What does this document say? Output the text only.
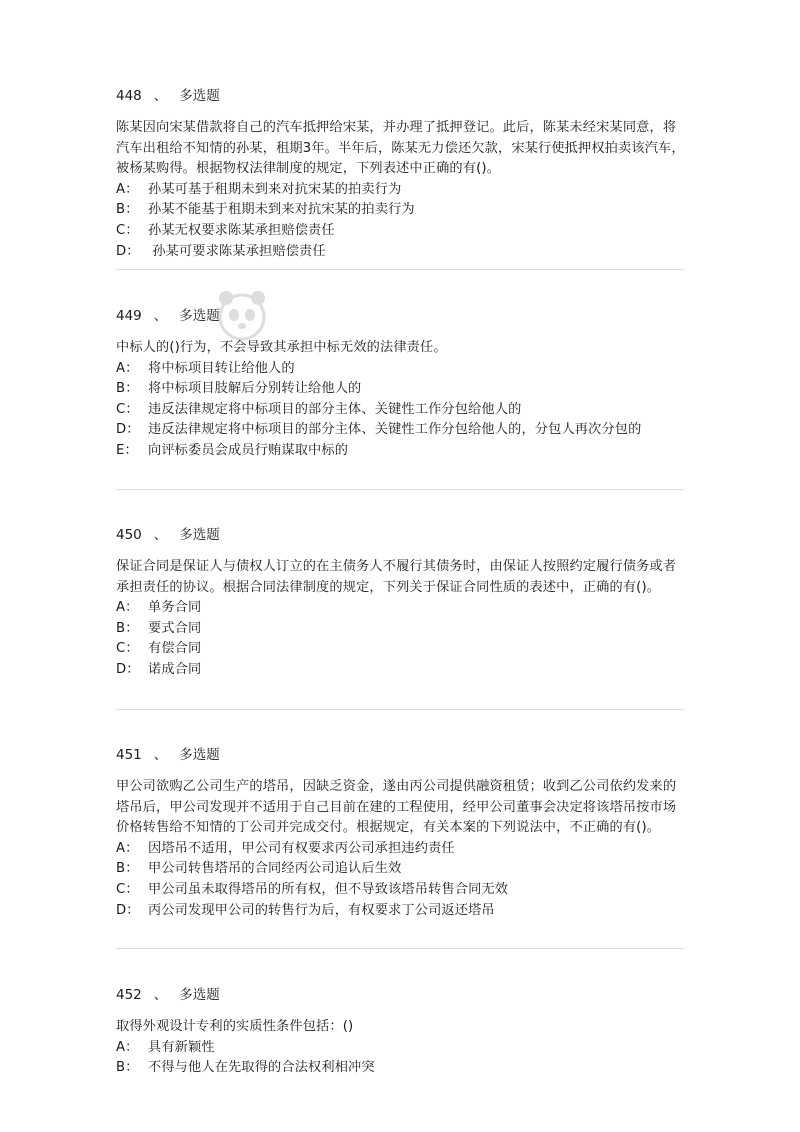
448 、 多选题
陈某因向宋某借款将自己的汽车抵押给宋某，并办理了抵押登记。此后，陈某未经宋某同意，将汽车出租给不知情的孙某，租期3年。半年后，陈某无力偿还欠款，宋某行使抵押权拍卖该汽车，被杨某购得。根据物权法律制度的规定，下列表述中正确的有()。
A： 孙某可基于租期未到来对抗宋某的拍卖行为
B： 孙某不能基于租期未到来对抗宋某的拍卖行为
C： 孙某无权要求陈某承担赔偿责任
D： 孙某可要求陈某承担赔偿责任
449 、 多选题
中标人的()行为，不会导致其承担中标无效的法律责任。
A： 将中标项目转让给他人的
B： 将中标项目肢解后分别转让给他人的
C： 违反法律规定将中标项目的部分主体、关键性工作分包给他人的
D： 违反法律规定将中标项目的部分主体、关键性工作分包给他人的，分包人再次分包的
E： 向评标委员会成员行贿谋取中标的
450 、 多选题
保证合同是保证人与债权人订立的在主债务人不履行其债务时，由保证人按照约定履行债务或者承担责任的协议。根据合同法律制度的规定，下列关于保证合同性质的表述中，正确的有()。
A： 单务合同
B： 要式合同
C： 有偿合同
D： 诺成合同
451 、 多选题
甲公司欲购乙公司生产的塔吊，因缺乏资金，遂由丙公司提供融资租赁；收到乙公司依约发来的塔吊后，甲公司发现并不适用于自己目前在建的工程使用，经甲公司董事会决定将该塔吊按市场价格转售给不知情的丁公司并完成交付。根据规定，有关本案的下列说法中，不正确的有()。
A： 因塔吊不适用，甲公司有权要求丙公司承担违约责任
B： 甲公司转售塔吊的合同经丙公司追认后生效
C： 甲公司虽未取得塔吊的所有权，但不导致该塔吊转售合同无效
D： 丙公司发现甲公司的转售行为后，有权要求丁公司返还塔吊
452 、 多选题
取得外观设计专利的实质性条件包括：()
A： 具有新颖性
B： 不得与他人在先取得的合法权利相冲突
